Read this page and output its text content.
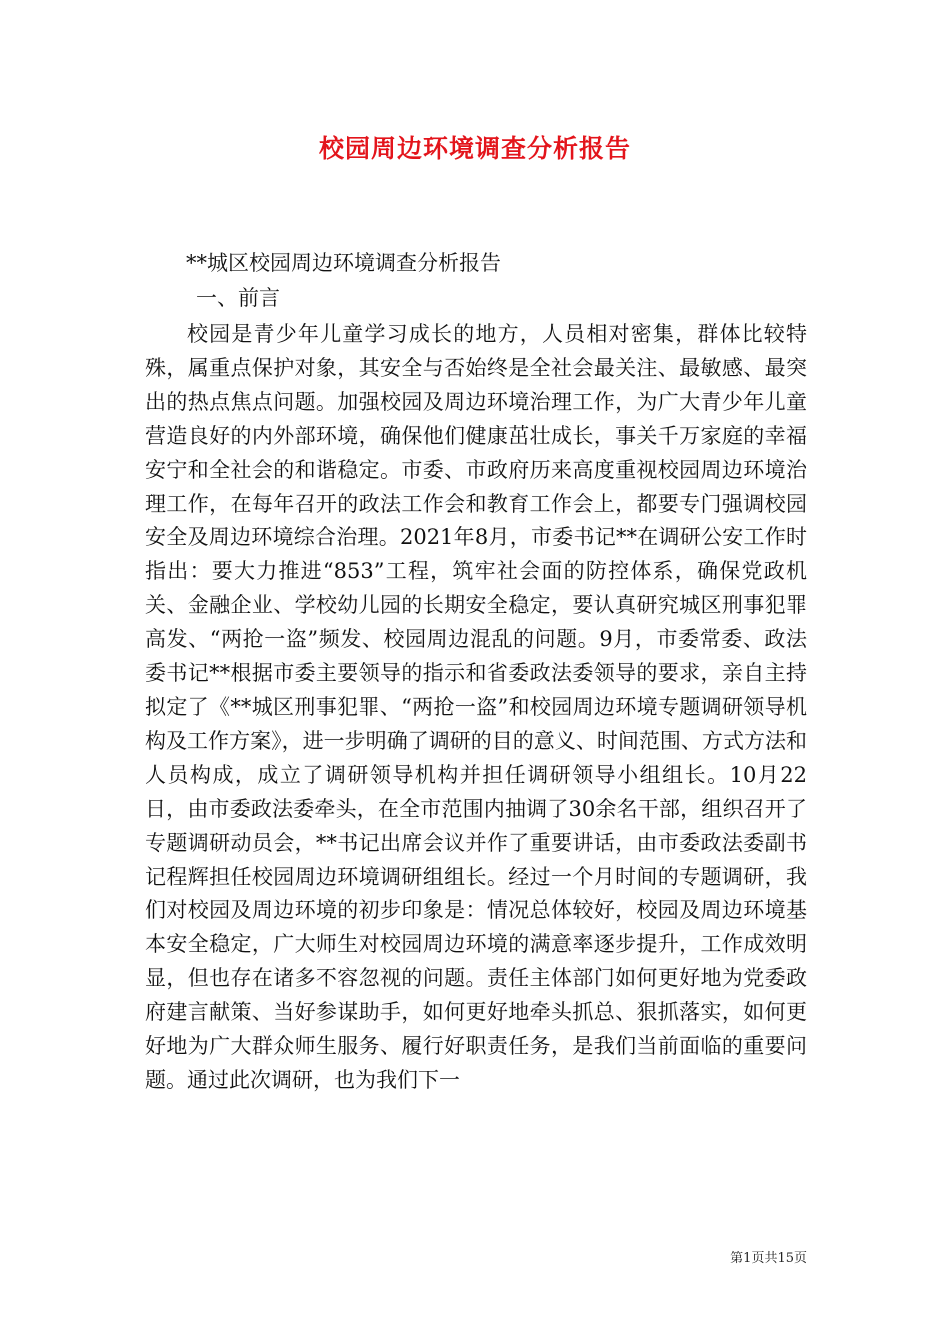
校园周边环境调查分析报告
**城区校园周边环境调查分析报告
一、前言

校园是青少年儿童学习成长的地方，人员相对密集，群体比较特殊，属重点保护对象，其安全与否始终是全社会最关注、最敏感、最突出的热点焦点问题。加强校园及周边环境治理工作，为广大青少年儿童营造良好的内外部环境，确保他们健康茁壮成长，事关千万家庭的幸福安宁和全社会的和谐稳定。市委、市政府历来高度重视校园周边环境治理工作，在每年召开的政法工作会和教育工作会上，都要专门强调校园安全及周边环境综合治理。2021年8月，市委书记**在调研公安工作时指出：要大力推进“853”工程，筑牢社会面的防控体系，确保党政机关、金融企业、学校幼儿园的长期安全稳定，要认真研究城区刑事犯罪高发、“两抢一盗”频发、校园周边混乱的问题。9月，市委常委、政法委书记**根据市委主要领导的指示和省委政法委领导的要求，亲自主持拟定了《**城区刑事犯罪、“两抢一盗”和校园周边环境专题调研领导机构及工作方案》，进一步明确了调研的目的意义、时间范围、方式方法和人员构成，成立了调研领导机构并担任调研领导小组组长。10月22日，由市委政法委牵头，在全市范围内抽调了30余名干部，组织召开了专题调研动员会，**书记出席会议并作了重要讲话，由市委政法委副书记程辉担任校园周边环境调研组组长。经过一个月时间的专题调研，我们对校园及周边环境的初步印象是：情况总体较好，校园及周边环境基本安全稳定，广大师生对校园周边环境的满意率逐步提升，工作成效明显，但也存在诸多不容忽视的问题。责任主体部门如何更好地为党委政府建言献策、当好参谋助手，如何更好地牵头抓总、狠抓落实，如何更好地为广大群众师生服务、履行好职责任务，是我们当前面临的重要问题。通过此次调研，也为我们下一

第1页共15页
